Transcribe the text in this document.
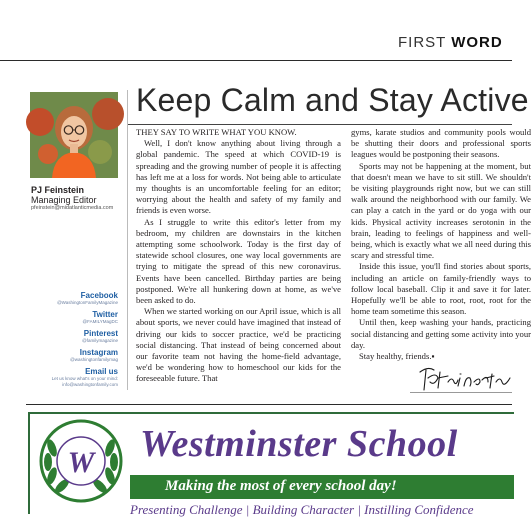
FIRST WORD
Keep Calm and Stay Active
PJ Feinstein
Managing Editor
pfeinstein@midatlanticmedia.com
Facebook
@WashingtonFamilyMagazine
Twitter
@FAMILYMagDC
Pinterest
@familymagazine
Instagram
@washingtonfamilymag
Email us
Let us know what's on your mind:
info@washingtonfamily.com

THEY SAY TO WRITE WHAT YOU KNOW.

Well, I don't know anything about living through a global pandemic. The speed at which COVID-19 is spreading and the growing number of people it is affecting has left me at a loss for words. Not being able to articulate my thoughts is an uncomfortable feeling for an editor; worrying about the health and safety of my family and friends is even worse.

As I struggle to write this editor's letter from my bedroom, my children are downstairs in the kitchen attempting some schoolwork. Today is the first day of statewide school closures, one way local governments are trying to mitigate the spread of this new coronavirus. Events have been cancelled. Birthday parties are being postponed. We're all hunkering down at home, as we've been asked to do.

When we started working on our April issue, which is all about sports, we never could have imagined that instead of driving our kids to soccer practice, we'd be practicing social distancing. That instead of being concerned about our favorite team not having the home-field advantage, we'd be wondering how to homeschool our kids for the foreseeable future. That

gyms, karate studios and community pools would be shutting their doors and professional sports leagues would be postponing their seasons.

Sports may not be happening at the moment, but that doesn't mean we have to sit still. We shouldn't be visiting playgrounds right now, but we can still walk around the neighborhood with our family. We can play a catch in the yard or do yoga with our kids. Physical activity increases serotonin in the brain, leading to feelings of happiness and well-being, which is exactly what we all need during this scary and stressful time.

Inside this issue, you'll find stories about sports, including an article on family-friendly ways to follow local baseball. Clip it and save it for later. Hopefully we'll be able to root, root, root for the home team sometime this season.

Until then, keep washing your hands, practicing social distancing and getting some activity into your day.

Stay healthy, friends.▪

W Westminster School
Making the most of every school day!
Presenting Challenge | Building Character | Instilling Confidence
